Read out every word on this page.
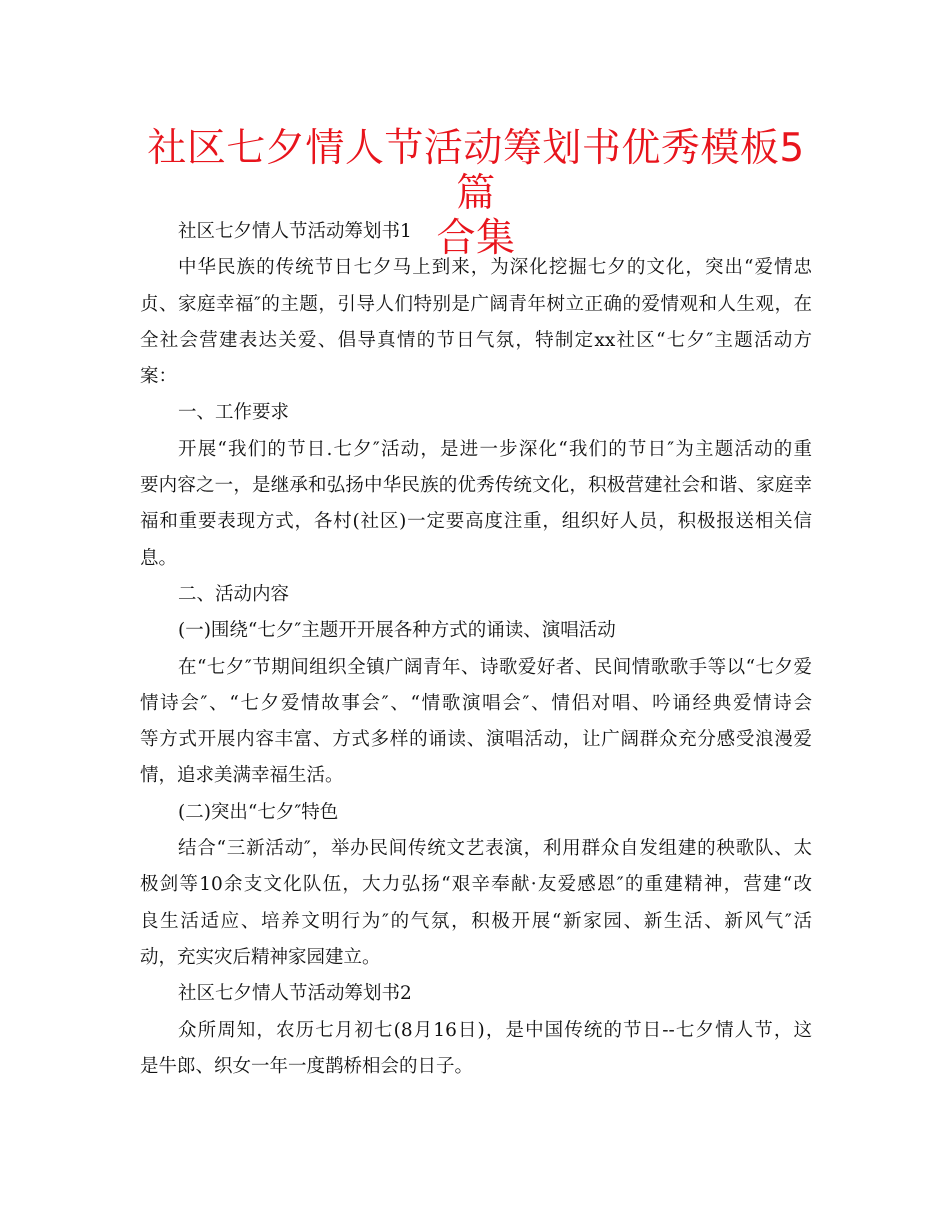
社区七夕情人节活动筹划书优秀模板5篇
合集
社区七夕情人节活动筹划书1
中华民族的传统节日七夕马上到来，为深化挖掘七夕的文化，突出“爱情忠
贞、家庭幸福″的主题，引导人们特别是广阔青年树立正确的爱情观和人生观，在
全社会营建表达关爱、倡导真情的节日气氛，特制定xx社区“七夕″主题活动方
案：
一、工作要求
开展“我们的节日.七夕″活动，是进一步深化“我们的节日″为主题活动的重
要内容之一，是继承和弘扬中华民族的优秀传统文化，积极营建社会和谐、家庭幸
福和重要表现方式，各村(社区)一定要高度注重，组织好人员，积极报送相关信
息。
二、活动内容
(一)围绕“七夕″主题开开展各种方式的诵读、演唱活动
在“七夕″节期间组织全镇广阔青年、诗歌爱好者、民间情歌歌手等以“七夕爱
情诗会″、“七夕爱情故事会″、“情歌演唱会″、情侣对唱、吟诵经典爱情诗会
等方式开展内容丰富、方式多样的诵读、演唱活动，让广阔群众充分感受浪漫爱
情，追求美满幸福生活。
(二)突出“七夕″特色
结合“三新活动″，举办民间传统文艺表演，利用群众自发组建的秧歌队、太
极剑等10余支文化队伍，大力弘扬“艰辛奉献·友爱感恩″的重建精神，营建“改
良生活适应、培养文明行为″的气氛，积极开展“新家园、新生活、新风气″活
动，充实灾后精神家园建立。
社区七夕情人节活动筹划书2
众所周知，农历七月初七(8月16日)，是中国传统的节日--七夕情人节，这
是牛郎、织女一年一度鹊桥相会的日子。
